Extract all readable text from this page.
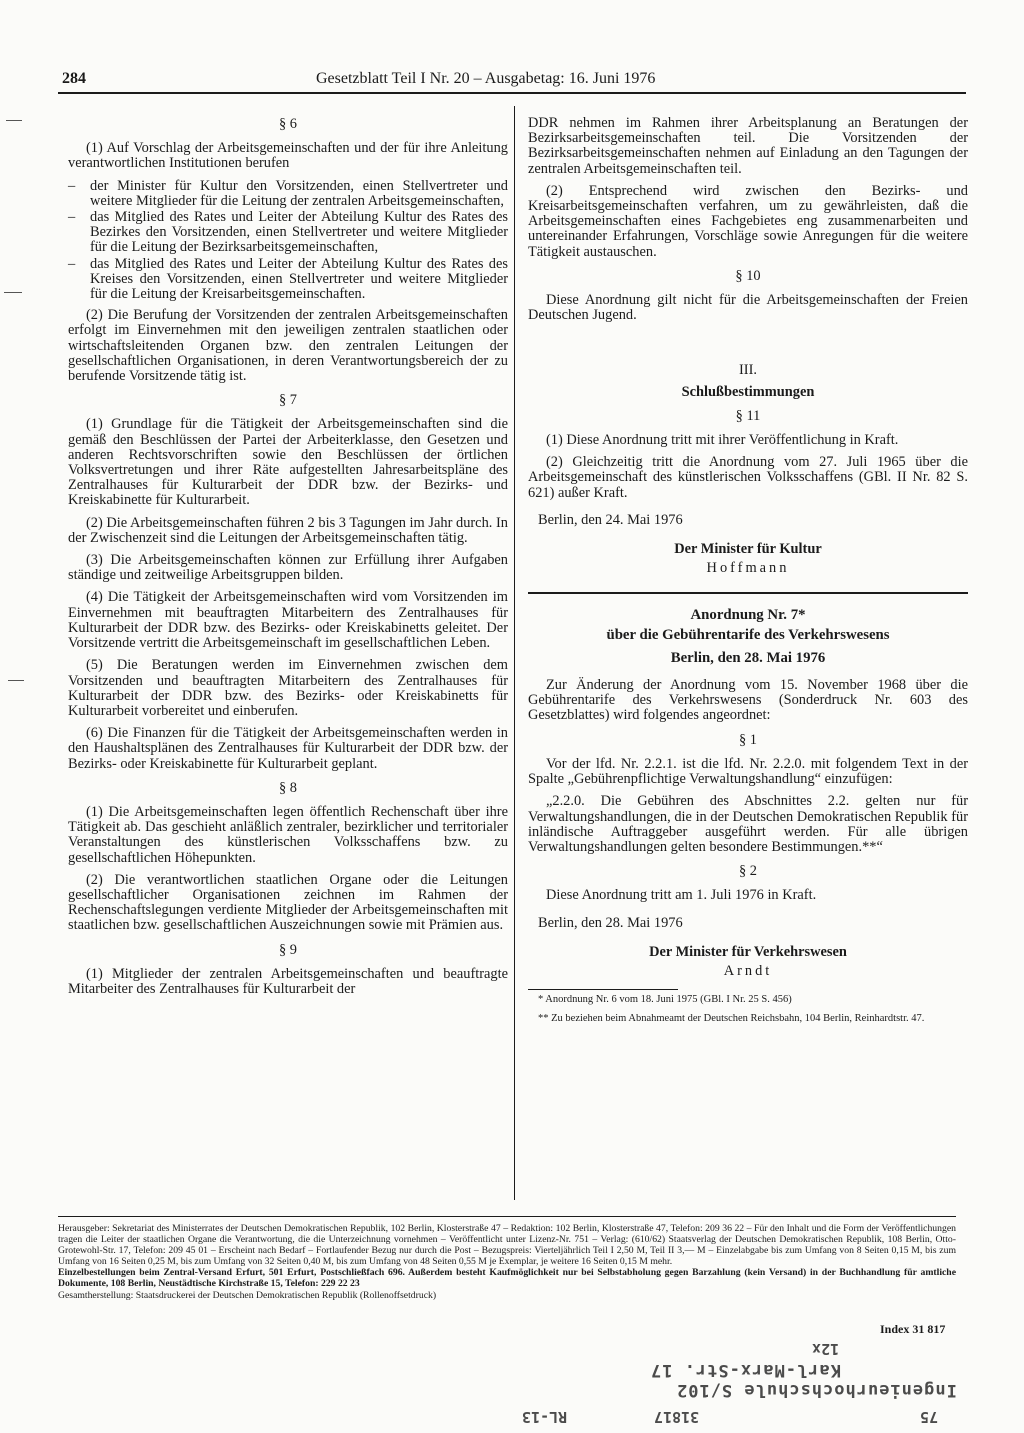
284	Gesetzblatt Teil I Nr. 20 – Ausgabetag: 16. Juni 1976
§ 6

(1) Auf Vorschlag der Arbeitsgemeinschaften und der für ihre Anleitung verantwortlichen Institutionen berufen

– der Minister für Kultur den Vorsitzenden, einen Stellvertreter und weitere Mitglieder für die Leitung der zentralen Arbeitsgemeinschaften,

– das Mitglied des Rates und Leiter der Abteilung Kultur des Rates des Bezirkes den Vorsitzenden, einen Stellvertreter und weitere Mitglieder für die Leitung der Bezirksarbeitsgemeinschaften,

– das Mitglied des Rates und Leiter der Abteilung Kultur des Rates des Kreises den Vorsitzenden, einen Stellvertreter und weitere Mitglieder für die Leitung der Kreisarbeitsgemeinschaften.

(2) Die Berufung der Vorsitzenden der zentralen Arbeitsgemeinschaften erfolgt im Einvernehmen mit den jeweiligen zentralen staatlichen oder wirtschaftsleitenden Organen bzw. den zentralen Leitungen der gesellschaftlichen Organisationen, in deren Verantwortungsbereich der zu berufende Vorsitzende tätig ist.

§ 7

(1) Grundlage für die Tätigkeit der Arbeitsgemeinschaften sind die gemäß den Beschlüssen der Partei der Arbeiterklasse, den Gesetzen und anderen Rechtsvorschriften sowie den Beschlüssen der örtlichen Volksvertretungen und ihrer Räte aufgestellten Jahresarbeitspläne des Zentralhauses für Kulturarbeit der DDR bzw. der Bezirks- und Kreiskabinette für Kulturarbeit.

(2) Die Arbeitsgemeinschaften führen 2 bis 3 Tagungen im Jahr durch. In der Zwischenzeit sind die Leitungen der Arbeitsgemeinschaften tätig.

(3) Die Arbeitsgemeinschaften können zur Erfüllung ihrer Aufgaben ständige und zeitweilige Arbeitsgruppen bilden.

(4) Die Tätigkeit der Arbeitsgemeinschaften wird vom Vorsitzenden im Einvernehmen mit beauftragten Mitarbeitern des Zentralhauses für Kulturarbeit der DDR bzw. des Bezirks- oder Kreiskabinetts geleitet. Der Vorsitzende vertritt die Arbeitsgemeinschaft im gesellschaftlichen Leben.

(5) Die Beratungen werden im Einvernehmen zwischen dem Vorsitzenden und beauftragten Mitarbeitern des Zentralhauses für Kulturarbeit der DDR bzw. des Bezirks- oder Kreiskabinetts für Kulturarbeit vorbereitet und einberufen.

(6) Die Finanzen für die Tätigkeit der Arbeitsgemeinschaften werden in den Haushaltsplänen des Zentralhauses für Kulturarbeit der DDR bzw. der Bezirks- oder Kreiskabinette für Kulturarbeit geplant.

§ 8

(1) Die Arbeitsgemeinschaften legen öffentlich Rechenschaft über ihre Tätigkeit ab. Das geschieht anläßlich zentraler, bezirklicher und territorialer Veranstaltungen des künstlerischen Volksschaffens bzw. zu gesellschaftlichen Höhepunkten.

(2) Die verantwortlichen staatlichen Organe oder die Leitungen gesellschaftlicher Organisationen zeichnen im Rahmen der Rechenschaftslegungen verdiente Mitglieder der Arbeitsgemeinschaften mit staatlichen bzw. gesellschaftlichen Auszeichnungen sowie mit Prämien aus.

§ 9

(1) Mitglieder der zentralen Arbeitsgemeinschaften und beauftragte Mitarbeiter des Zentralhauses für Kulturarbeit der

DDR nehmen im Rahmen ihrer Arbeitsplanung an Beratungen der Bezirksarbeitsgemeinschaften teil. Die Vorsitzenden der Bezirksarbeitsgemeinschaften nehmen auf Einladung an den Tagungen der zentralen Arbeitsgemeinschaften teil.

(2) Entsprechend wird zwischen den Bezirks- und Kreisarbeitsgemeinschaften verfahren, um zu gewährleisten, daß die Arbeitsgemeinschaften eines Fachgebietes eng zusammenarbeiten und untereinander Erfahrungen, Vorschläge sowie Anregungen für die weitere Tätigkeit austauschen.

§ 10

Diese Anordnung gilt nicht für die Arbeitsgemeinschaften der Freien Deutschen Jugend.

III.
Schlußbestimmungen
§ 11

(1) Diese Anordnung tritt mit ihrer Veröffentlichung in Kraft.

(2) Gleichzeitig tritt die Anordnung vom 27. Juli 1965 über die Arbeitsgemeinschaft des künstlerischen Volksschaffens (GBl. II Nr. 82 S. 621) außer Kraft.

Berlin, den 24. Mai 1976

Der Minister für Kultur
Hoffmann
Anordnung Nr. 7*
über die Gebührentarife des Verkehrswesens
Berlin, den 28. Mai 1976

Zur Änderung der Anordnung vom 15. November 1968 über die Gebührentarife des Verkehrswesens (Sonderdruck Nr. 603 des Gesetzblattes) wird folgendes angeordnet:

§ 1

Vor der lfd. Nr. 2.2.1. ist die lfd. Nr. 2.2.0. mit folgendem Text in der Spalte „Gebührenpflichtige Verwaltungshandlung“ einzufügen:

„2.2.0. Die Gebühren des Abschnittes 2.2. gelten nur für Verwaltungshandlungen, die in der Deutschen Demokratischen Republik für inländische Auftraggeber ausgeführt werden. Für alle übrigen Verwaltungshandlungen gelten besondere Bestimmungen.**“

§ 2

Diese Anordnung tritt am 1. Juli 1976 in Kraft.

Berlin, den 28. Mai 1976

Der Minister für Verkehrswesen
Arndt

* Anordnung Nr. 6 vom 18. Juni 1975 (GBl. I Nr. 25 S. 456)

** Zu beziehen beim Abnahmeamt der Deutschen Reichsbahn, 104 Berlin, Reinhardtstr. 47.

Herausgeber: Sekretariat des Ministerrates der Deutschen Demokratischen Republik, 102 Berlin, Klosterstraße 47 – Redaktion: 102 Berlin, Klosterstraße 47, Telefon: 209 36 22 – Für den Inhalt und die Form der Veröffentlichungen tragen die Leiter der staatlichen Organe die Verantwortung, die die Unterzeichnung vornehmen – Veröffentlicht unter Lizenz-Nr. 751 – Verlag: (610/62) Staatsverlag der Deutschen Demokratischen Republik, 108 Berlin, Otto-Grotewohl-Str. 17, Telefon: 209 45 01 – Erscheint nach Bedarf – Fortlaufender Bezug nur durch die Post – Bezugspreis: Vierteljährlich Teil I 2,50 M, Teil II 3,— M – Einzelabgabe bis zum Umfang von 8 Seiten 0,15 M, bis zum Umfang von 16 Seiten 0,25 M, bis zum Umfang von 32 Seiten 0,40 M, bis zum Umfang von 48 Seiten 0,55 M je Exemplar, je weitere 16 Seiten 0,15 M mehr.
Einzelbestellungen beim Zentral-Versand Erfurt, 501 Erfurt, Postschließfach 696. Außerdem besteht Kaufmöglichkeit nur bei Selbstabholung gegen Barzahlung (kein Versand) in der Buchhandlung für amtliche Dokumente, 108 Berlin, Neustädtische Kirchstraße 15, Telefon: 229 22 23
Gesamtherstellung: Staatsdruckerei der Deutschen Demokratischen Republik (Rollenoffsetdruck)
Index 31 817
12x
Karl-Marx-Str. 17
Ingenieurhochschule S/102
RL-13	31817	75
